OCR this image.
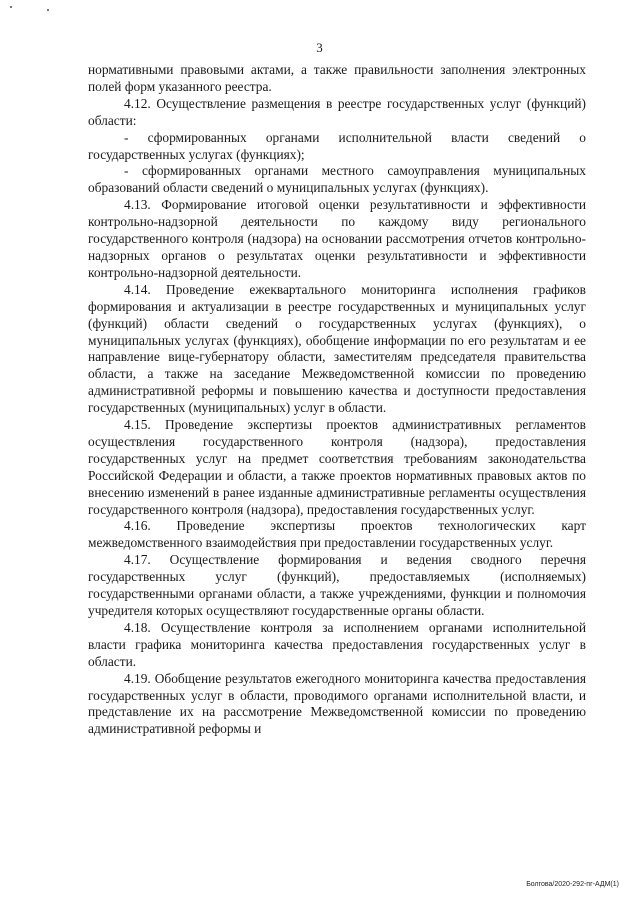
3

нормативными правовыми актами, а также правильности заполнения электронных полей форм указанного реестра.

4.12. Осуществление размещения в реестре государственных услуг (функций) области:

- сформированных органами исполнительной власти сведений о государственных услугах (функциях);

- сформированных органами местного самоуправления муниципальных образований области сведений о муниципальных услугах (функциях).

4.13. Формирование итоговой оценки результативности и эффективности контрольно-надзорной деятельности по каждому виду регионального государственного контроля (надзора) на основании рассмотрения отчетов контрольно-надзорных органов о результатах оценки результативности и эффективности контрольно-надзорной деятельности.

4.14. Проведение ежеквартального мониторинга исполнения графиков формирования и актуализации в реестре государственных и муниципальных услуг (функций) области сведений о государственных услугах (функциях), о муниципальных услугах (функциях), обобщение информации по его результатам и ее направление вице-губернатору области, заместителям председателя правительства области, а также на заседание Межведомственной комиссии по проведению административной реформы и повышению качества и доступности предоставления государственных (муниципальных) услуг в области.

4.15. Проведение экспертизы проектов административных регламентов осуществления государственного контроля (надзора), предоставления государственных услуг на предмет соответствия требованиям законодательства Российской Федерации и области, а также проектов нормативных правовых актов по внесению изменений в ранее изданные административные регламенты осуществления государственного контроля (надзора), предоставления государственных услуг.

4.16. Проведение экспертизы проектов технологических карт межведомственного взаимодействия при предоставлении государственных услуг.

4.17. Осуществление формирования и ведения сводного перечня государственных услуг (функций), предоставляемых (исполняемых) государственными органами области, а также учреждениями, функции и полномочия учредителя которых осуществляют государственные органы области.

4.18. Осуществление контроля за исполнением органами исполнительной власти графика мониторинга качества предоставления государственных услуг в области.

4.19. Обобщение результатов ежегодного мониторинга качества предоставления государственных услуг в области, проводимого органами исполнительной власти, и представление их на рассмотрение Межведомственной комиссии по проведению административной реформы и

Болгова/2020-292-пг-АДМ(1)
